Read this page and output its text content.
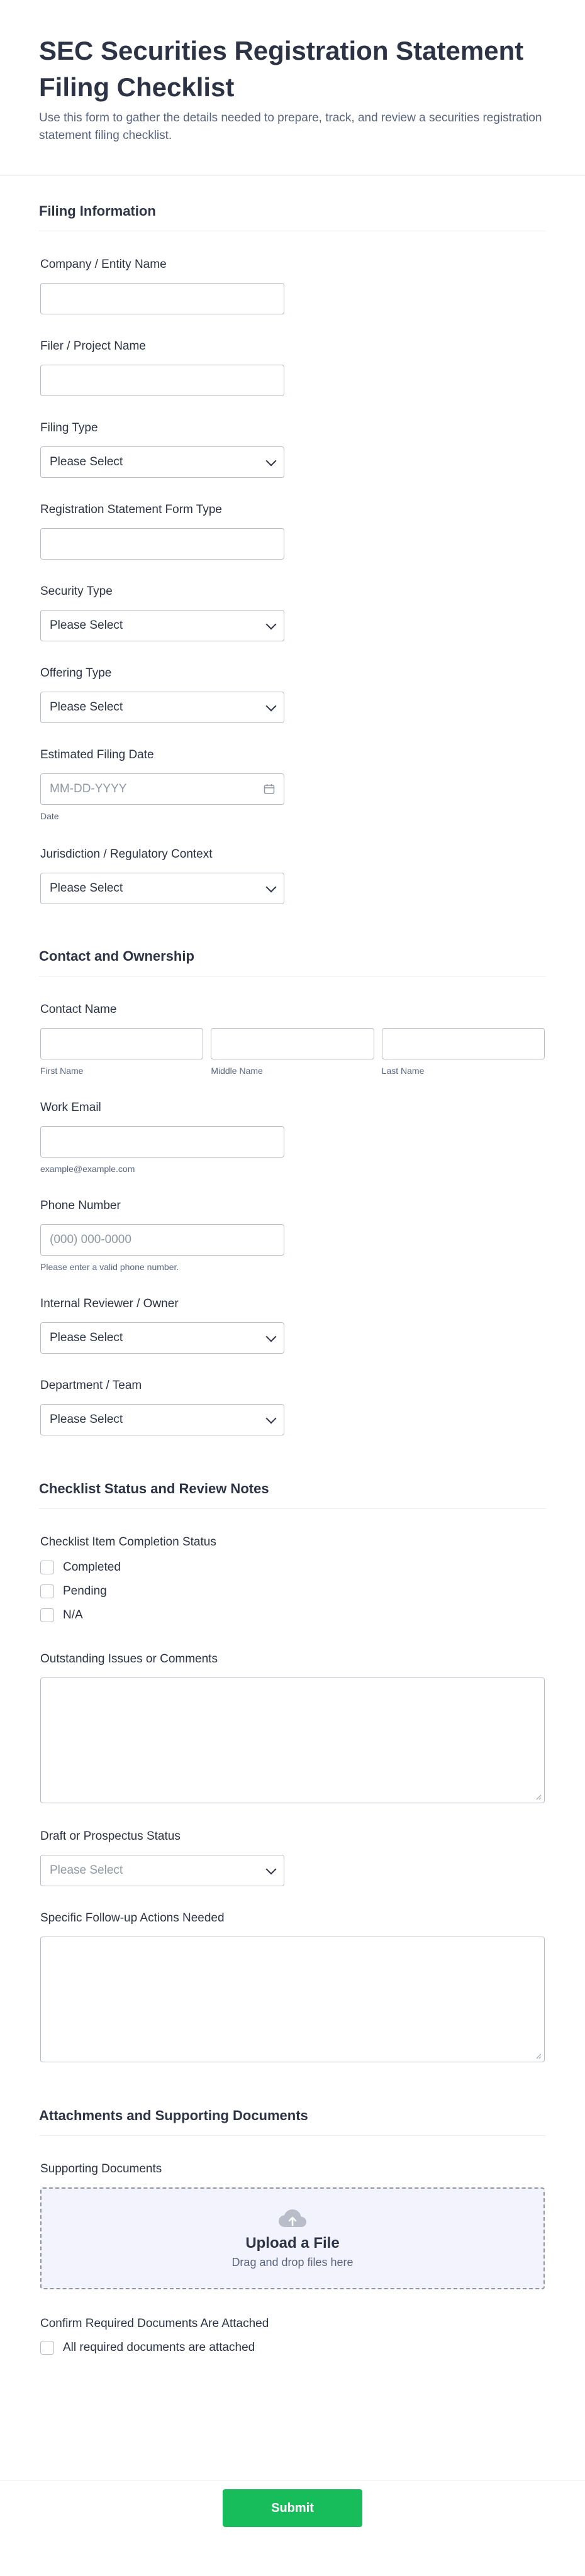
SEC Securities Registration Statement Filing Checklist

Use this form to gather the details needed to prepare, track, and review a securities registration statement filing checklist.

Filing Information
Company / Entity Name
Filer / Project Name
Filing Type
Please Select
Registration Statement Form Type
Security Type
Please Select
Offering Type
Please Select
Estimated Filing Date
MM-DD-YYYY
Date
Jurisdiction / Regulatory Context
Please Select
Contact and Ownership
Contact Name
First Name	Middle Name	Last Name
Work Email
example@example.com
Phone Number
(000) 000-0000
Please enter a valid phone number.
Internal Reviewer / Owner
Please Select
Department / Team
Please Select
Checklist Status and Review Notes
Checklist Item Completion Status
Completed
Pending
N/A
Outstanding Issues or Comments
Draft or Prospectus Status
Please Select
Specific Follow-up Actions Needed
Attachments and Supporting Documents
Supporting Documents
Upload a File
Drag and drop files here
Confirm Required Documents Are Attached
All required documents are attached
Submit
